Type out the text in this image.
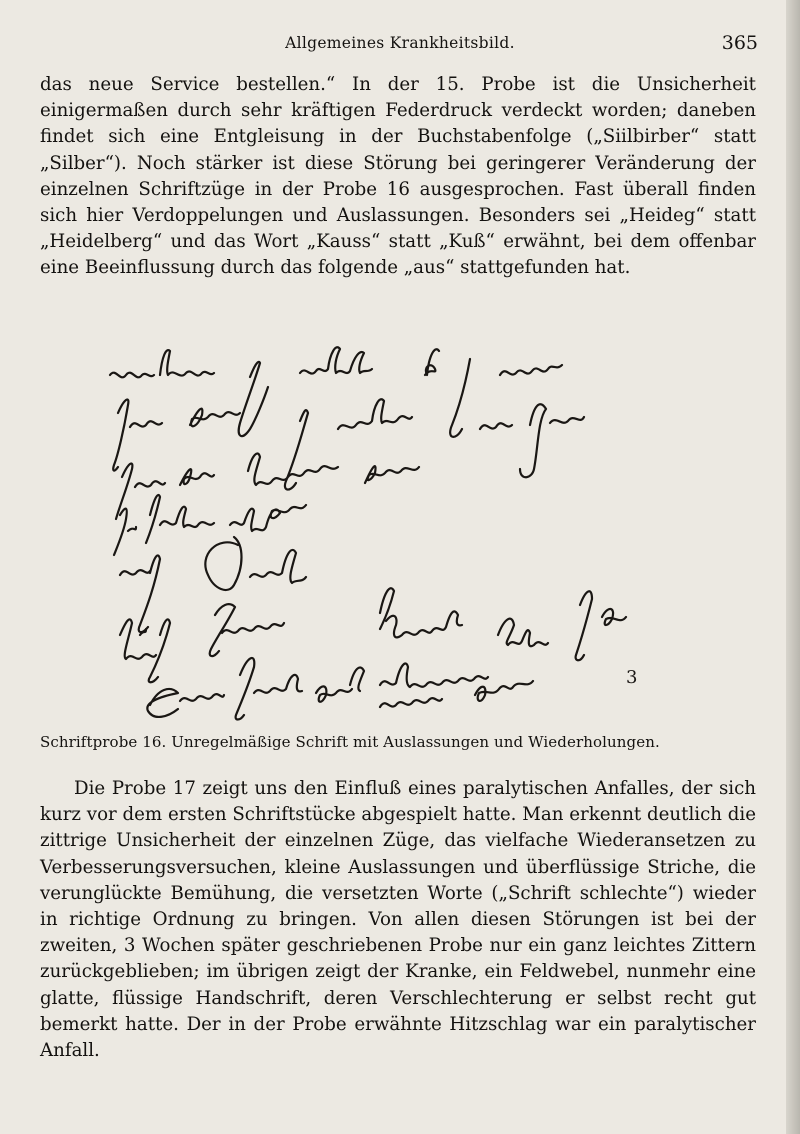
Allgemeines Krankheitsbild.	365

das neue Service bestellen.“ In der 15. Probe ist die Unsicherheit einigermaßen durch sehr kräftigen Federdruck verdeckt worden; daneben findet sich eine Entgleisung in der Buchstabenfolge („Siilbirber“ statt „Silber“). Noch stärker ist diese Störung bei geringerer Veränderung der einzelnen Schriftzüge in der Probe 16 ausgesprochen. Fast überall finden sich hier Verdoppelungen und Auslassungen. Besonders sei „Heideg“ statt „Heidelberg“ und das Wort „Kauss“ statt „Kuß“ erwähnt, bei dem offenbar eine Beeinflussung durch das folgende „aus“ stattgefunden hat.

3
Schriftprobe 16. Unregelmäßige Schrift mit Auslassungen und Wiederholungen.

Die Probe 17 zeigt uns den Einfluß eines paralytischen Anfalles, der sich kurz vor dem ersten Schriftstücke abgespielt hatte. Man erkennt deutlich die zittrige Unsicherheit der einzelnen Züge, das vielfache Wiederansetzen zu Verbesserungsversuchen, kleine Auslassungen und überflüssige Striche, die verunglückte Bemühung, die versetzten Worte („Schrift schlechte“) wieder in richtige Ordnung zu bringen. Von allen diesen Störungen ist bei der zweiten, 3 Wochen später geschriebenen Probe nur ein ganz leichtes Zittern zurückgeblieben; im übrigen zeigt der Kranke, ein Feldwebel, nunmehr eine glatte, flüssige Handschrift, deren Verschlechterung er selbst recht gut bemerkt hatte. Der in der Probe erwähnte Hitzschlag war ein paralytischer Anfall.
